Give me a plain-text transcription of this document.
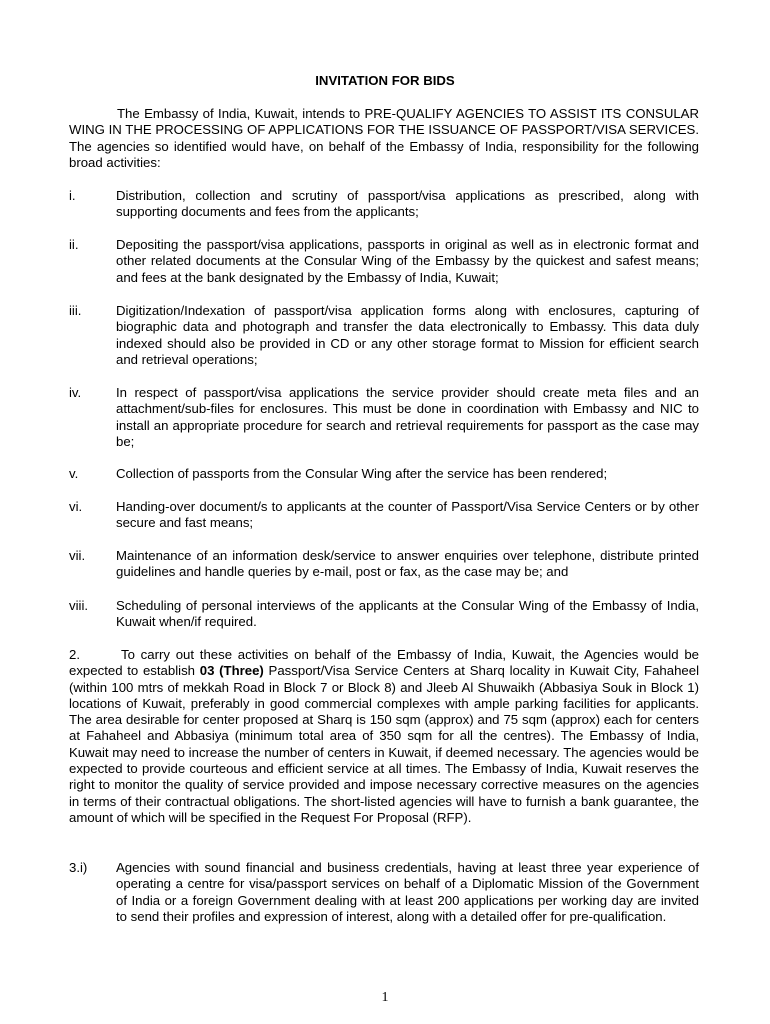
INVITATION FOR BIDS
The Embassy of India, Kuwait, intends to PRE-QUALIFY AGENCIES TO ASSIST ITS CONSULAR WING IN THE PROCESSING OF APPLICATIONS FOR THE ISSUANCE OF PASSPORT/VISA SERVICES. The agencies so identified would have, on behalf of the Embassy of India, responsibility for the following broad activities:
i.	Distribution, collection and scrutiny of passport/visa applications as prescribed, along with supporting documents and fees from the applicants;
ii.	Depositing the passport/visa applications, passports in original as well as in electronic format and other related documents at the Consular Wing of the Embassy by the quickest and safest means; and fees at the bank designated by the Embassy of India, Kuwait;
iii.	Digitization/Indexation of passport/visa application forms along with enclosures, capturing of biographic data and photograph and transfer the data electronically to Embassy. This data duly indexed should also be provided in CD or any other storage format to Mission for efficient search and retrieval operations;
iv.	In respect of passport/visa applications the service provider should create meta files and an attachment/sub-files for enclosures. This must be done in coordination with Embassy and NIC to install an appropriate procedure for search and retrieval requirements for passport as the case may be;
v.	Collection of passports from the Consular Wing after the service has been rendered;
vi.	Handing-over document/s to applicants at the counter of Passport/Visa Service Centers or by other secure and fast means;
vii. Maintenance of an information desk/service to answer enquiries over telephone, distribute printed guidelines and handle queries by e-mail, post or fax, as the case may be; and
viii. Scheduling of personal interviews of the applicants at the Consular Wing of the Embassy of India, Kuwait when/if required.
2.	To carry out these activities on behalf of the Embassy of India, Kuwait, the Agencies would be expected to establish 03 (Three) Passport/Visa Service Centers at Sharq locality in Kuwait City, Fahaheel (within 100 mtrs of mekkah Road in Block 7 or Block 8) and Jleeb Al Shuwaikh (Abbasiya Souk in Block 1) locations of Kuwait, preferably in good commercial complexes with ample parking facilities for applicants. The area desirable for center proposed at Sharq is 150 sqm (approx) and 75 sqm (approx) each for centers at Fahaheel and Abbasiya (minimum total area of 350 sqm for all the centres). The Embassy of India, Kuwait may need to increase the number of centers in Kuwait, if deemed necessary. The agencies would be expected to provide courteous and efficient service at all times. The Embassy of India, Kuwait reserves the right to monitor the quality of service provided and impose necessary corrective measures on the agencies in terms of their contractual obligations. The short-listed agencies will have to furnish a bank guarantee, the amount of which will be specified in the Request For Proposal (RFP).
3.i) Agencies with sound financial and business credentials, having at least three year experience of operating a centre for visa/passport services on behalf of a Diplomatic Mission of the Government of India or a foreign Government dealing with at least 200 applications per working day are invited to send their profiles and expression of interest, along with a detailed offer for pre-qualification.
1
